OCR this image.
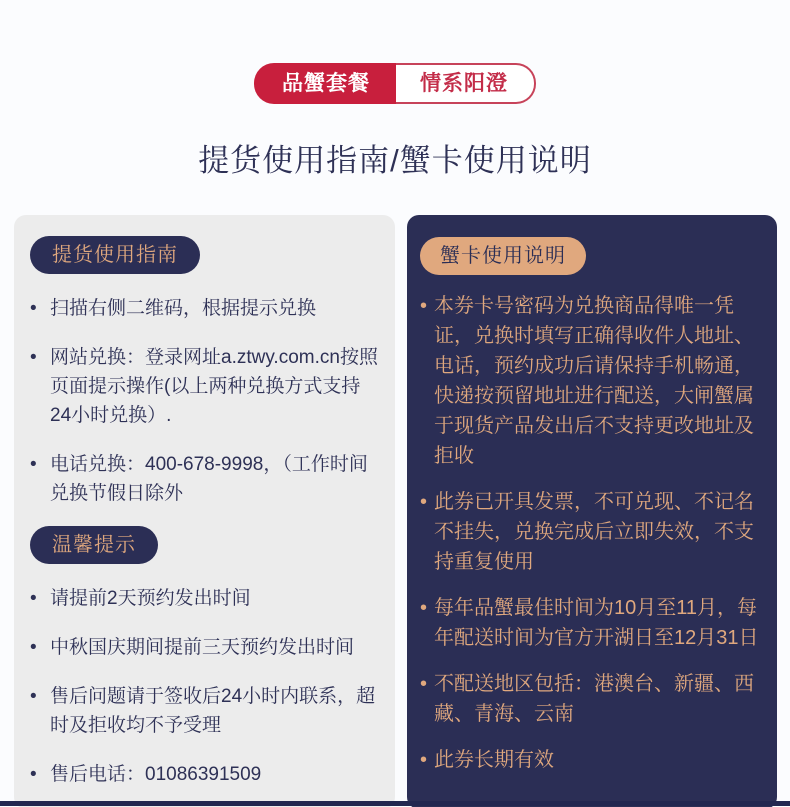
品蟹套餐	情系阳澄
提货使用指南/蟹卡使用说明
提货使用指南
• 扫描右侧二维码，根据提示兑换
• 网站兑换：登录网址a.ztwy.com.cn按照页面提示操作(以上两种兑换方式支持24小时兑换）.
• 电话兑换：400-678-9998，（工作时间兑换节假日除外
温馨提示
• 请提前2天预约发出时间
• 中秋国庆期间提前三天预约发出时间
• 售后问题请于签收后24小时内联系，超时及拒收均不予受理
• 售后电话：01086391509
蟹卡使用说明
• 本券卡号密码为兑换商品得唯一凭证，兑换时填写正确得收件人地址、电话，预约成功后请保持手机畅通，快递按预留地址进行配送，大闸蟹属于现货产品发出后不支持更改地址及拒收
• 此券已开具发票，不可兑现、不记名不挂失，兑换完成后立即失效，不支持重复使用
• 每年品蟹最佳时间为10月至11月，每年配送时间为官方开湖日至12月31日
• 不配送地区包括：港澳台、新疆、西藏、青海、云南
• 此券长期有效
